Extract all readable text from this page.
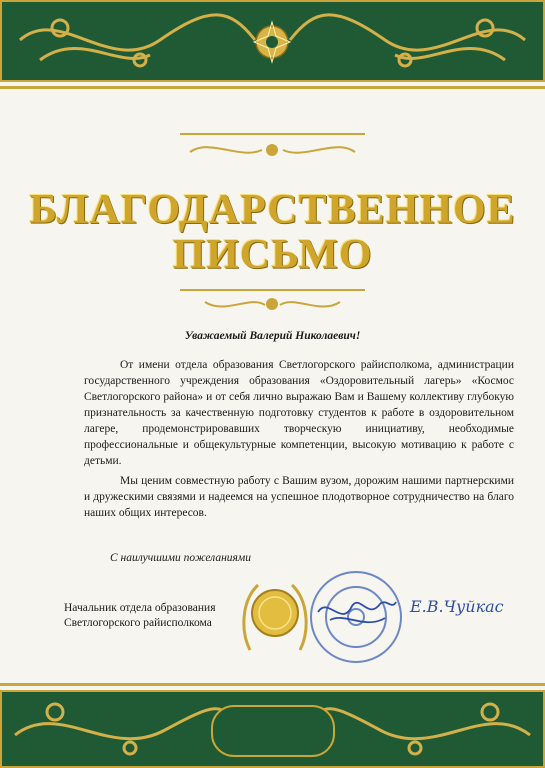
Е.В.Чуйкас
БЛАГОДАРСТВЕННОЕ
ПИСЬМО
Уважаемый Валерий Николаевич!

От имени отдела образования Светлогорского райисполкома, администрации государственного учреждения образования «Оздоровительный лагерь» «Космос Светлогорского района» и от себя лично выражаю Вам и Вашему коллективу глубокую признательность за качественную подготовку студентов к работе в оздоровительном лагере, продемонстрировавших творческую инициативу, необходимые профессиональные и общекультурные компетенции, высокую мотивацию к работе с детьми.

Мы ценим совместную работу с Вашим вузом, дорожим нашими партнерскими и дружескими связями и надеемся на успешное плодотворное сотрудничество на благо наших общих интересов.

С наилучшими пожеланиями
Начальник отдела образования
Светлогорского райисполкома
